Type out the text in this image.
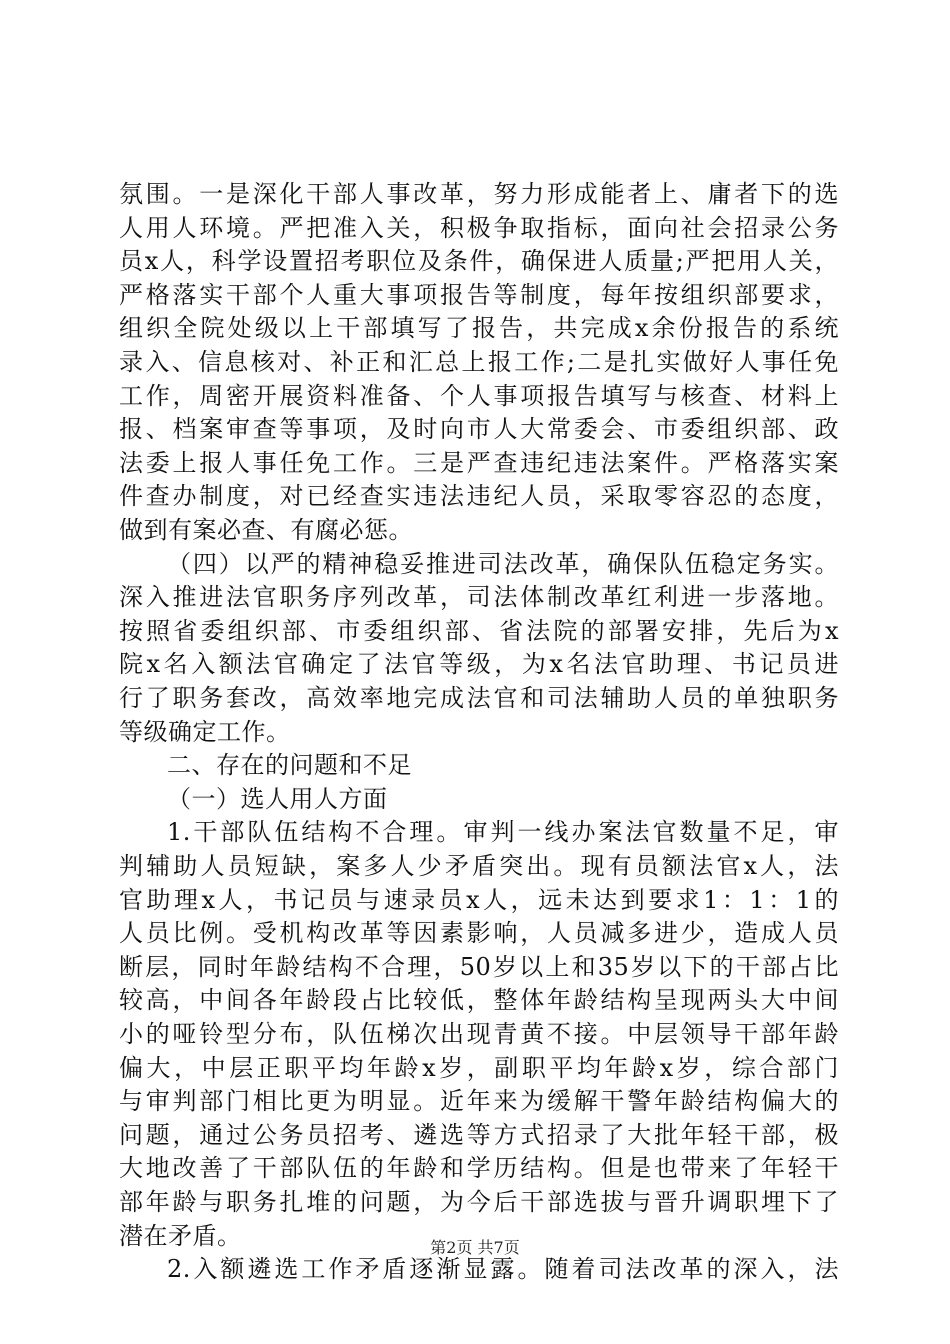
氛围。一是深化干部人事改革，努力形成能者上、庸者下的选
人用人环境。严把准入关，积极争取指标，面向社会招录公务
员x人，科学设置招考职位及条件，确保进人质量;严把用人关，
严格落实干部个人重大事项报告等制度，每年按组织部要求，
组织全院处级以上干部填写了报告，共完成x余份报告的系统
录入、信息核对、补正和汇总上报工作;二是扎实做好人事任免
工作，周密开展资料准备、个人事项报告填写与核查、材料上
报、档案审查等事项，及时向市人大常委会、市委组织部、政
法委上报人事任免工作。三是严查违纪违法案件。严格落实案
件查办制度，对已经查实违法违纪人员，采取零容忍的态度，
做到有案必查、有腐必惩。
（四）以严的精神稳妥推进司法改革，确保队伍稳定务实。
深入推进法官职务序列改革，司法体制改革红利进一步落地。
按照省委组织部、市委组织部、省法院的部署安排，先后为x
院x名入额法官确定了法官等级，为x名法官助理、书记员进
行了职务套改，高效率地完成法官和司法辅助人员的单独职务
等级确定工作。
二、存在的问题和不足
（一）选人用人方面
1.干部队伍结构不合理。审判一线办案法官数量不足，审
判辅助人员短缺，案多人少矛盾突出。现有员额法官x人，法
官助理x人，书记员与速录员x人，远未达到要求1：1：1的
人员比例。受机构改革等因素影响，人员减多进少，造成人员
断层，同时年龄结构不合理，50岁以上和35岁以下的干部占比
较高，中间各年龄段占比较低，整体年龄结构呈现两头大中间
小的哑铃型分布，队伍梯次出现青黄不接。中层领导干部年龄
偏大，中层正职平均年龄x岁，副职平均年龄x岁，综合部门
与审判部门相比更为明显。近年来为缓解干警年龄结构偏大的
问题，通过公务员招考、遴选等方式招录了大批年轻干部，极
大地改善了干部队伍的年龄和学历结构。但是也带来了年轻干
部年龄与职务扎堆的问题，为今后干部选拔与晋升调职埋下了
潜在矛盾。
2.入额遴选工作矛盾逐渐显露。随着司法改革的深入，法
第2页 共7页
